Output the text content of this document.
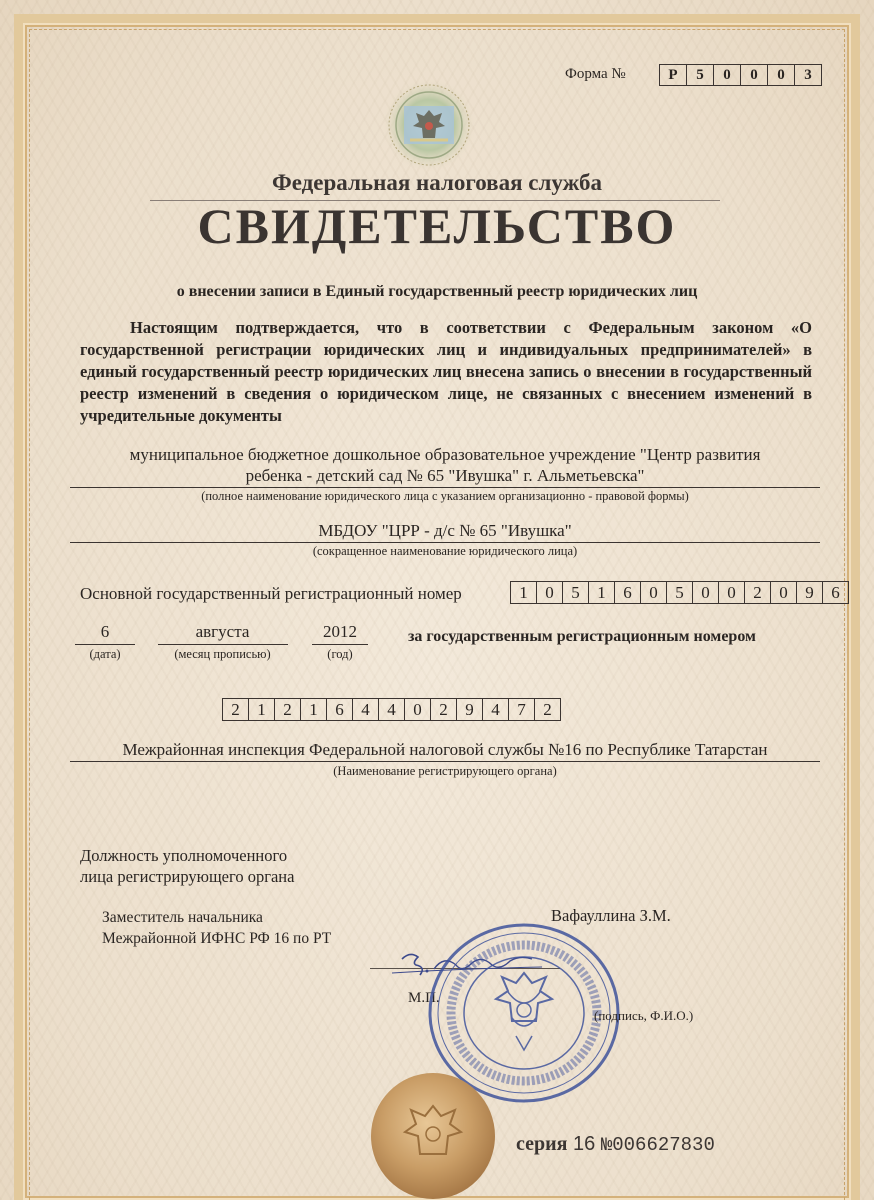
Форма №	Р	5	0	0	0	3
Федеральная налоговая служба
СВИДЕТЕЛЬСТВО
о внесении записи в Единый государственный реестр юридических лиц

Настоящим подтверждается, что в соответствии с Федеральным законом «О государственной регистрации юридических лиц и индивидуальных предпринимателей» в единый государственный реестр юридических лиц внесена запись о внесении в государственный реестр изменений в сведения о юридическом лице, не связанных с внесением изменений в учредительные документы

муниципальное бюджетное дошкольное образовательное учреждение "Центр развития
ребенка - детский сад № 65 "Ивушка" г. Альметьевска"
(полное наименование юридического лица с указанием организационно - правовой формы)
МБДОУ "ЦРР - д/с № 65 "Ивушка"
(сокращенное наименование юридического лица)
Основной государственный регистрационный номер	1	0	5	1	6	0	5	0	0	2	0	9	6
6
(дата)
августа
(месяц прописью)
2012
(год)
за государственным регистрационным номером
2	1	2	1	6	4	4	0	2	9	4	7	2
Межрайонная инспекция Федеральной налоговой службы №16 по Республике Татарстан
(Наименование регистрирующего органа)
Должность уполномоченного
лица регистрирующего органа
Заместитель начальника
Межрайонной ИФНС РФ 16 по РТ
Вафауллина З.М.
М.П.
(подпись, Ф.И.О.)
серия 16 №006627830
